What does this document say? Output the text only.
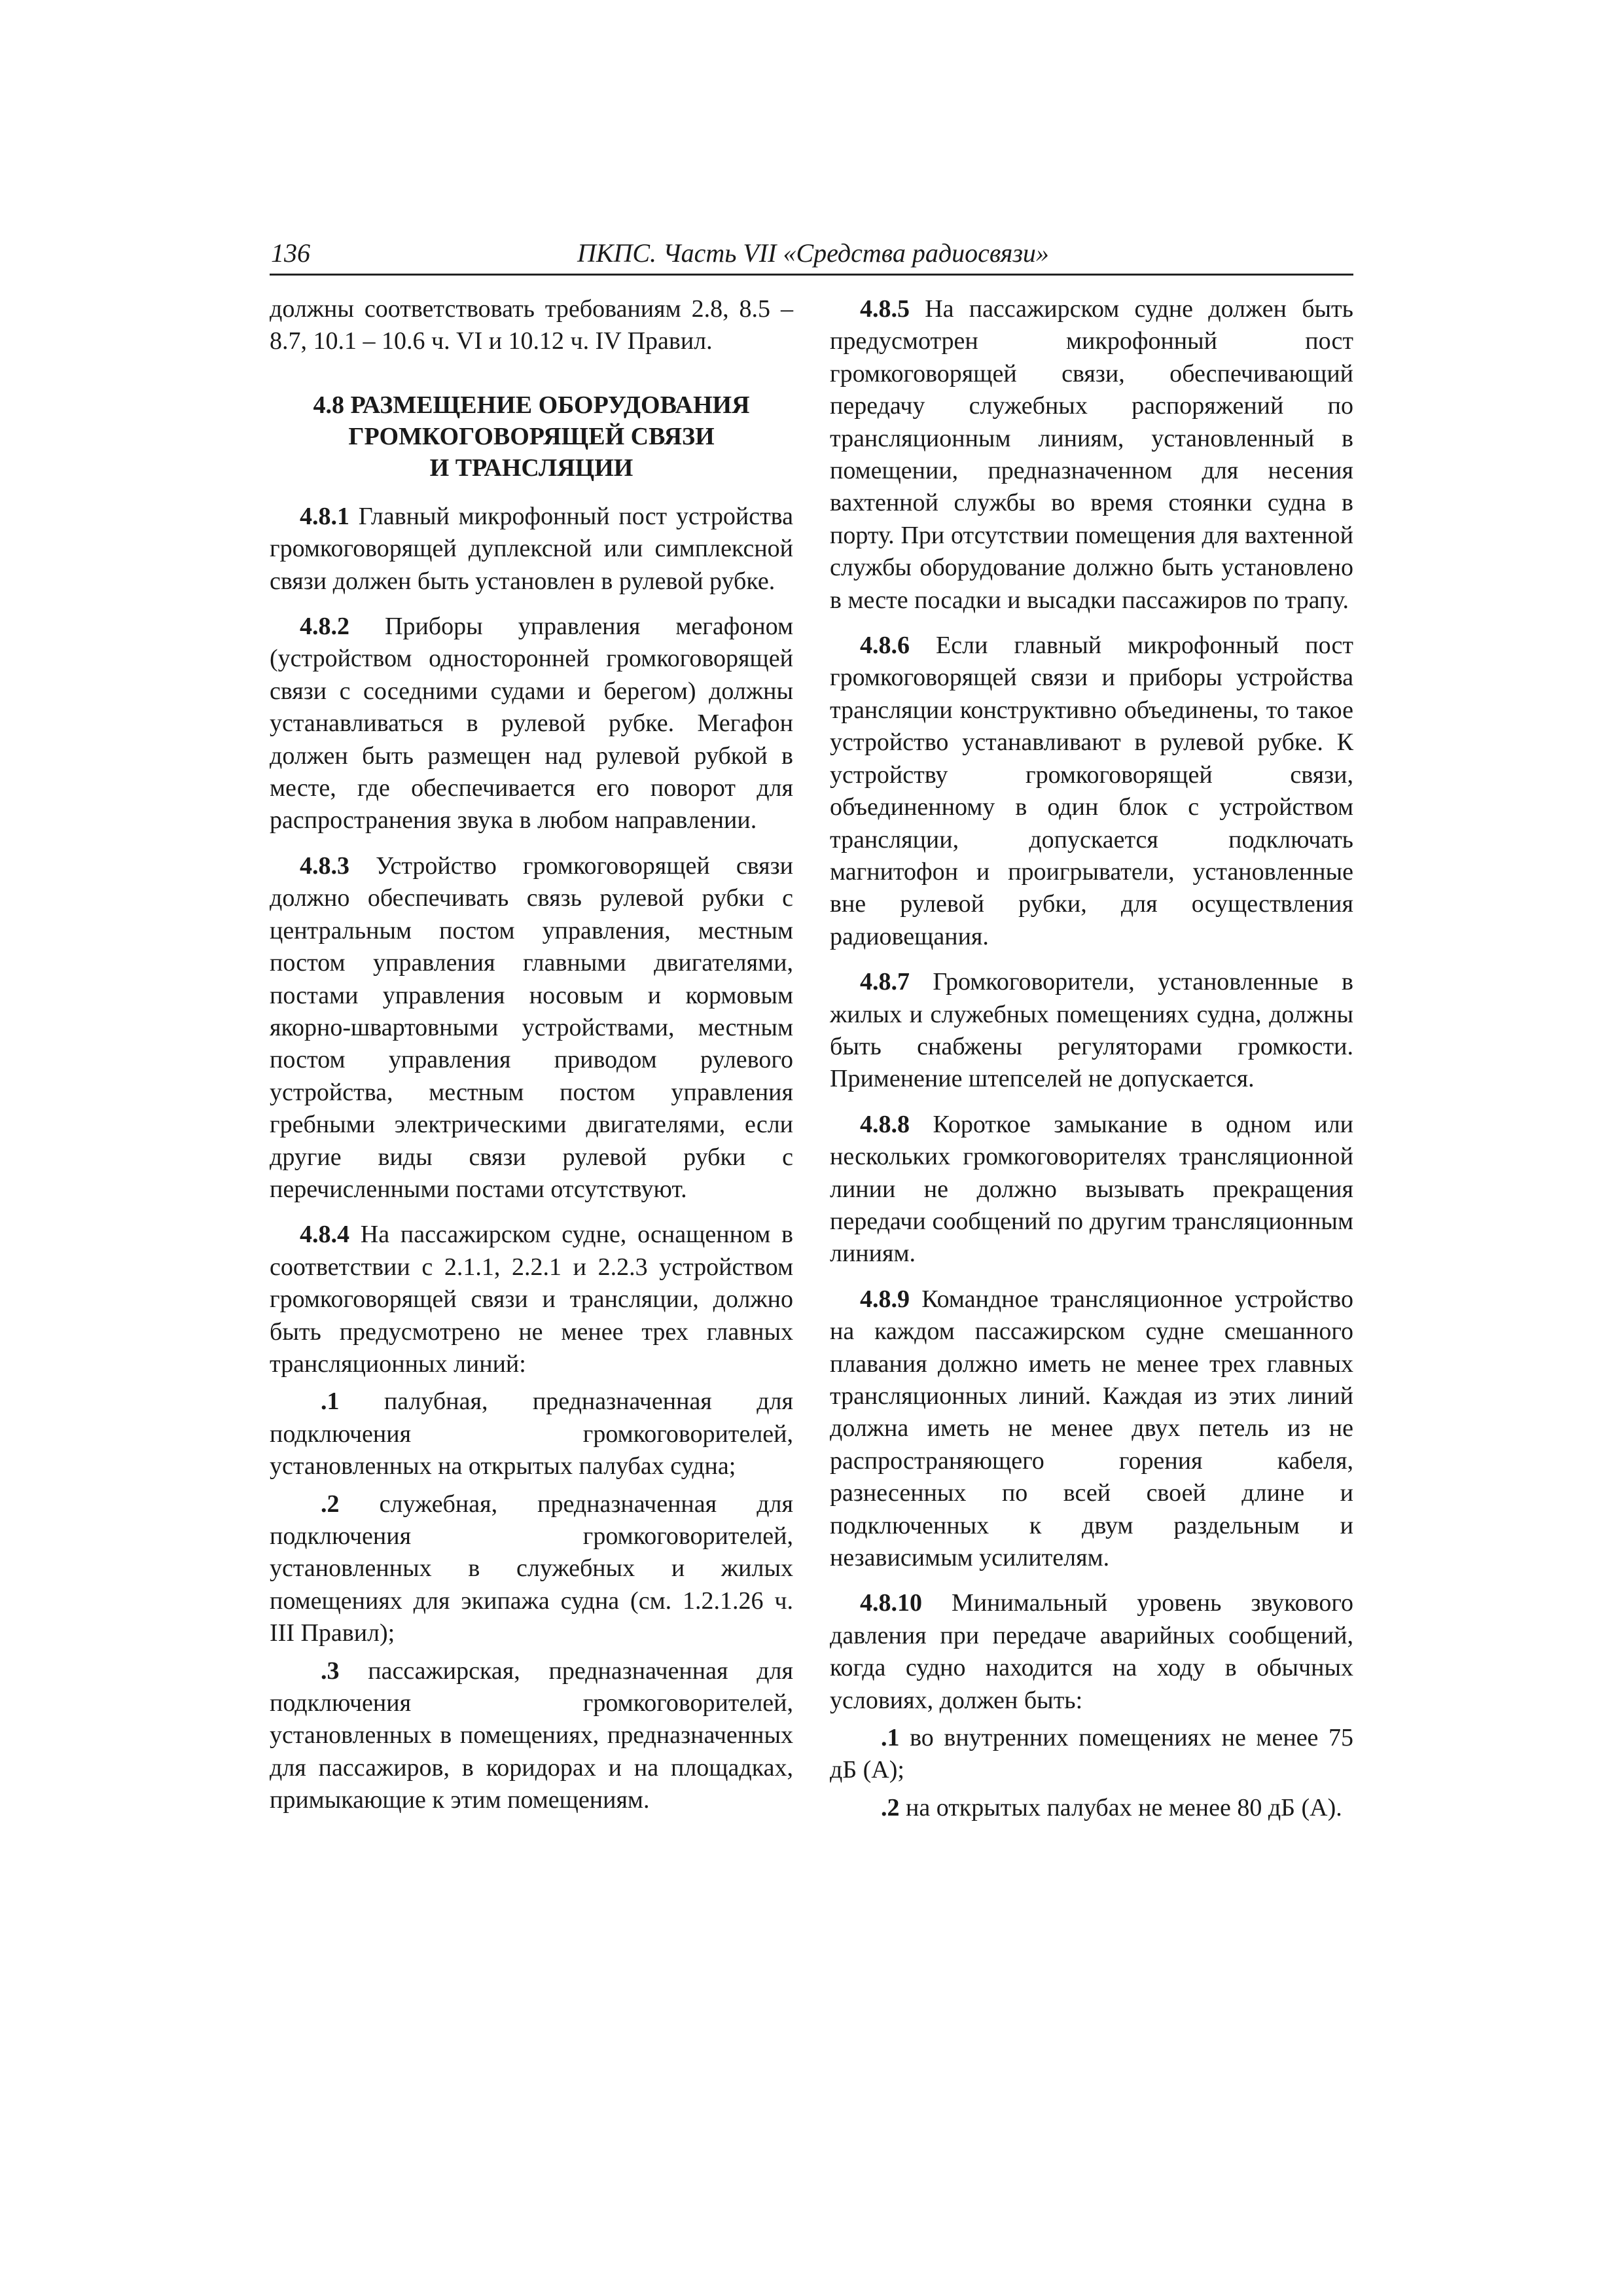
136	ПКПС. Часть VII «Средства радиосвязи»

должны соответствовать требованиям 2.8, 8.5 – 8.7, 10.1 – 10.6 ч. VI и 10.12 ч. IV Правил.

4.8 РАЗМЕЩЕНИЕ ОБОРУДОВАНИЯ
ГРОМКОГОВОРЯЩЕЙ СВЯЗИ
И ТРАНСЛЯЦИИ

4.8.1 Главный микрофонный пост устройства громкоговорящей дуплексной или симплексной связи должен быть установлен в рулевой рубке.

4.8.2 Приборы управления мегафоном (устройством односторонней громкоговорящей связи с соседними судами и берегом) должны устанавливаться в рулевой рубке. Мегафон должен быть размещен над рулевой рубкой в месте, где обеспечивается его поворот для распространения звука в любом направлении.

4.8.3 Устройство громкоговорящей связи должно обеспечивать связь рулевой рубки с центральным постом управления, местным постом управления главными двигателями, постами управления носовым и кормовым якорно-швартовными устройствами, местным постом управления приводом рулевого устройства, местным постом управления гребными электрическими двигателями, если другие виды связи рулевой рубки с перечисленными постами отсутствуют.

4.8.4 На пассажирском судне, оснащенном в соответствии с 2.1.1, 2.2.1 и 2.2.3 устройством громкоговорящей связи и трансляции, должно быть предусмотрено не менее трех главных трансляционных линий:

.1 палубная, предназначенная для подключения громкоговорителей, установленных на открытых палубах судна;

.2 служебная, предназначенная для подключения громкоговорителей, установленных в служебных и жилых помещениях для экипажа судна (см. 1.2.1.26 ч. III Правил);

.3 пассажирская, предназначенная для подключения громкоговорителей, установленных в помещениях, предназначенных для пассажиров, в коридорах и на площадках, примыкающие к этим помещениям.

4.8.5 На пассажирском судне должен быть предусмотрен микрофонный пост громкоговорящей связи, обеспечивающий передачу служебных распоряжений по трансляционным линиям, установленный в помещении, предназначенном для несения вахтенной службы во время стоянки судна в порту. При отсутствии помещения для вахтенной службы оборудование должно быть установлено в месте посадки и высадки пассажиров по трапу.

4.8.6 Если главный микрофонный пост громкоговорящей связи и приборы устройства трансляции конструктивно объединены, то такое устройство устанавливают в рулевой рубке. К устройству громкоговорящей связи, объединенному в один блок с устройством трансляции, допускается подключать магнитофон и проигрыватели, установленные вне рулевой рубки, для осуществления радиовещания.

4.8.7 Громкоговорители, установленные в жилых и служебных помещениях судна, должны быть снабжены регуляторами громкости. Применение штепселей не допускается.

4.8.8 Короткое замыкание в одном или нескольких громкоговорителях трансляционной линии не должно вызывать прекращения передачи сообщений по другим трансляционным линиям.

4.8.9 Командное трансляционное устройство на каждом пассажирском судне смешанного плавания должно иметь не менее трех главных трансляционных линий. Каждая из этих линий должна иметь не менее двух петель из не распространяющего горения кабеля, разнесенных по всей своей длине и подключенных к двум раздельным и независимым усилителям.

4.8.10 Минимальный уровень звукового давления при передаче аварийных сообщений, когда судно находится на ходу в обычных условиях, должен быть:

.1 во внутренних помещениях не менее 75 дБ (А);

.2 на открытых палубах не менее 80 дБ (А).
